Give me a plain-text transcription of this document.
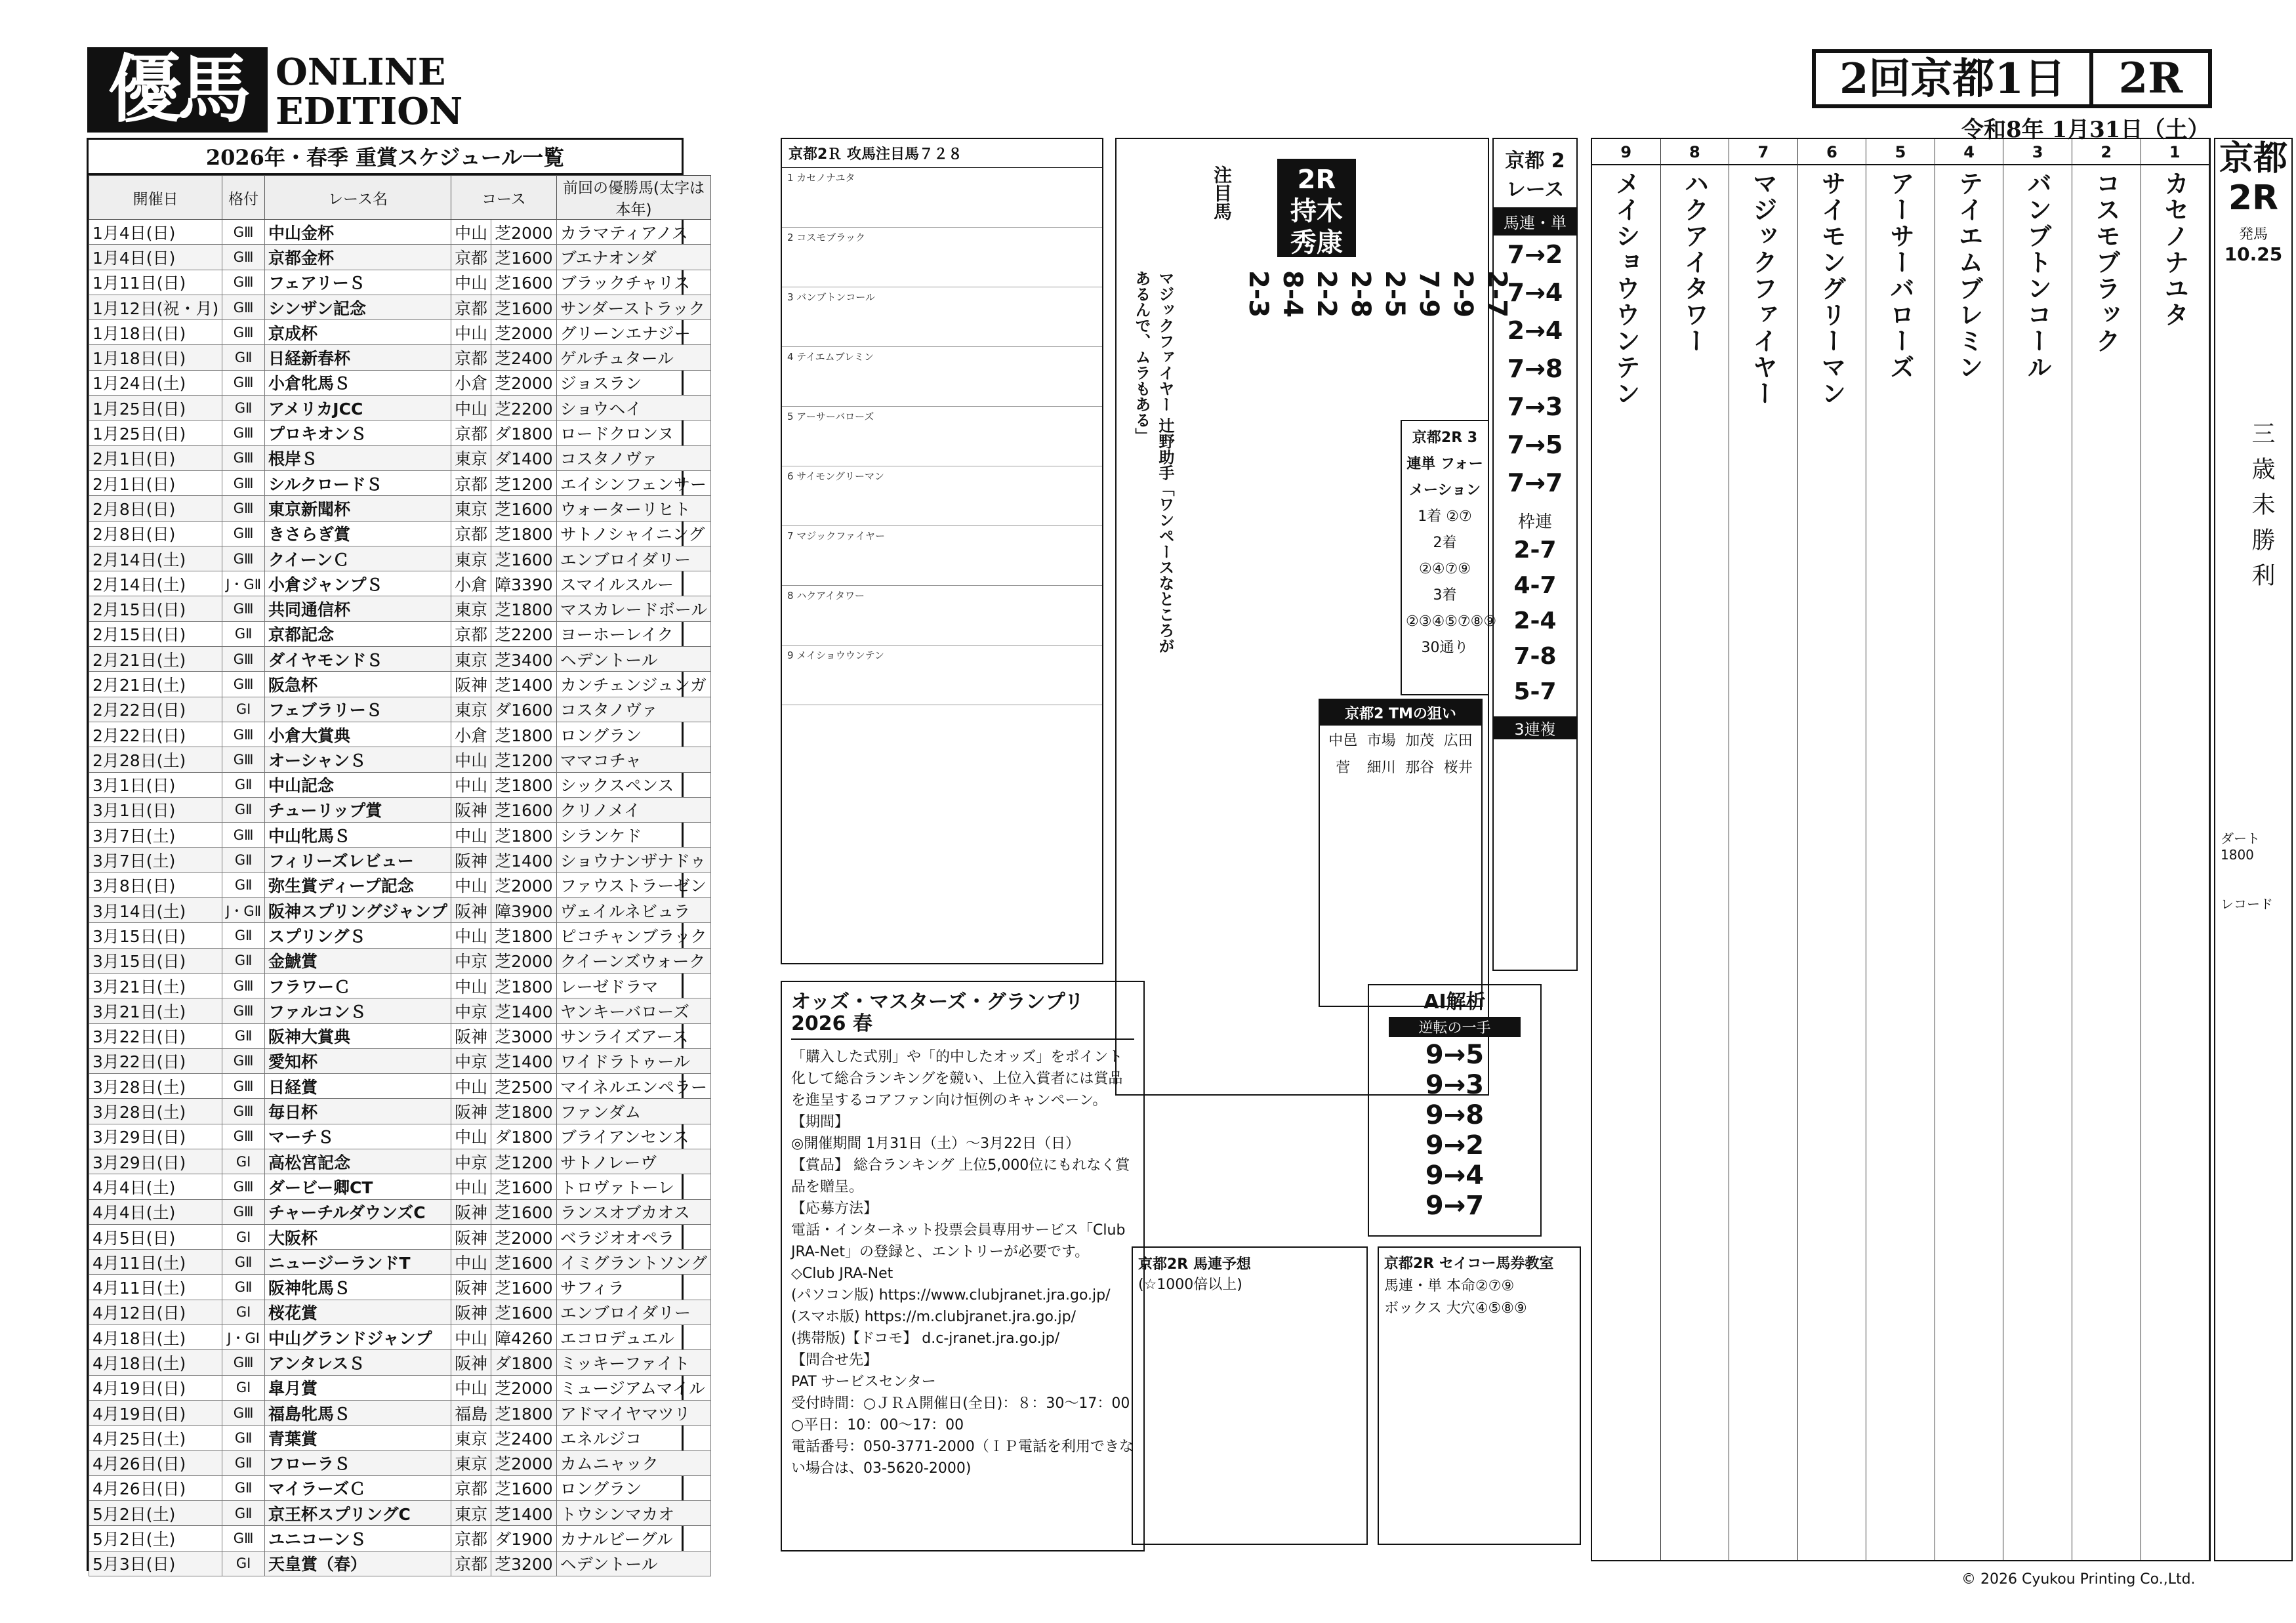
優馬 ONLINE
EDITION
2回京都1日	2R
令和8年 1月31日（土）
2026年・春季 重賞スケジュール一覧
開催日	格付	レース名	コース		前回の優勝馬(太字は本年)
1月4日(日)	GⅢ	中山金杯	中山	芝2000	カラマティアノス
1月4日(日)	GⅢ	京都金杯	京都	芝1600	ブエナオンダ
1月11日(日)	GⅢ	フェアリーＳ	中山	芝1600	ブラックチャリス
1月12日(祝・月)	GⅢ	シンザン記念	京都	芝1600	サンダーストラック
1月18日(日)	GⅢ	京成杯	中山	芝2000	グリーンエナジー
1月18日(日)	GⅡ	日経新春杯	京都	芝2400	ゲルチュタール
1月24日(土)	GⅢ	小倉牝馬Ｓ	小倉	芝2000	ジョスラン
1月25日(日)	GⅡ	アメリカJCC	中山	芝2200	ショウヘイ
1月25日(日)	GⅢ	プロキオンＳ	京都	ダ1800	ロードクロンヌ
2月1日(日)	GⅢ	根岸Ｓ	東京	ダ1400	コスタノヴァ
2月1日(日)	GⅢ	シルクロードＳ	京都	芝1200	エイシンフェンサー
2月8日(日)	GⅢ	東京新聞杯	東京	芝1600	ウォーターリヒト
2月8日(日)	GⅢ	きさらぎ賞	京都	芝1800	サトノシャイニング
2月14日(土)	GⅢ	クイーンＣ	東京	芝1600	エンブロイダリー
2月14日(土)	J・GⅡ	小倉ジャンプＳ	小倉	障3390	スマイルスルー
2月15日(日)	GⅢ	共同通信杯	東京	芝1800	マスカレードボール
2月15日(日)	GⅡ	京都記念	京都	芝2200	ヨーホーレイク
2月21日(土)	GⅢ	ダイヤモンドＳ	東京	芝3400	ヘデントール
2月21日(土)	GⅢ	阪急杯	阪神	芝1400	カンチェンジュンガ
2月22日(日)	GⅠ	フェブラリーＳ	東京	ダ1600	コスタノヴァ
2月22日(日)	GⅢ	小倉大賞典	小倉	芝1800	ロングラン
2月28日(土)	GⅢ	オーシャンＳ	中山	芝1200	ママコチャ
3月1日(日)	GⅡ	中山記念	中山	芝1800	シックスペンス
3月1日(日)	GⅡ	チューリップ賞	阪神	芝1600	クリノメイ
3月7日(土)	GⅢ	中山牝馬Ｓ	中山	芝1800	シランケド
3月7日(土)	GⅡ	フィリーズレビュー	阪神	芝1400	ショウナンザナドゥ
3月8日(日)	GⅡ	弥生賞ディープ記念	中山	芝2000	ファウストラーゼン
3月14日(土)	J・GⅡ	阪神スプリングジャンプ	阪神	障3900	ヴェイルネビュラ
3月15日(日)	GⅡ	スプリングＳ	中山	芝1800	ピコチャンブラック
3月15日(日)	GⅡ	金鯱賞	中京	芝2000	クイーンズウォーク
3月21日(土)	GⅢ	フラワーＣ	中山	芝1800	レーゼドラマ
3月21日(土)	GⅢ	ファルコンＳ	中京	芝1400	ヤンキーバローズ
3月22日(日)	GⅡ	阪神大賞典	阪神	芝3000	サンライズアース
3月22日(日)	GⅢ	愛知杯	中京	芝1400	ワイドラトゥール
3月28日(土)	GⅢ	日経賞	中山	芝2500	マイネルエンペラー
3月28日(土)	GⅢ	毎日杯	阪神	芝1800	ファンダム
3月29日(日)	GⅢ	マーチＳ	中山	ダ1800	ブライアンセンス
3月29日(日)	GⅠ	高松宮記念	中京	芝1200	サトノレーヴ
4月4日(土)	GⅢ	ダービー卿CT	中山	芝1600	トロヴァトーレ
4月4日(土)	GⅢ	チャーチルダウンズC	阪神	芝1600	ランスオブカオス
4月5日(日)	GⅠ	大阪杯	阪神	芝2000	ベラジオオペラ
4月11日(土)	GⅡ	ニュージーランドT	中山	芝1600	イミグラントソング
4月11日(土)	GⅡ	阪神牝馬Ｓ	阪神	芝1600	サフィラ
4月12日(日)	GⅠ	桜花賞	阪神	芝1600	エンブロイダリー
4月18日(土)	J・GⅠ	中山グランドジャンプ	中山	障4260	エコロデュエル
4月18日(土)	GⅢ	アンタレスＳ	阪神	ダ1800	ミッキーファイト
4月19日(日)	GⅠ	皐月賞	中山	芝2000	ミュージアムマイル
4月19日(日)	GⅢ	福島牝馬Ｓ	福島	芝1800	アドマイヤマツリ
4月25日(土)	GⅡ	青葉賞	東京	芝2400	エネルジコ
4月26日(日)	GⅡ	フローラＳ	東京	芝2000	カムニャック
4月26日(日)	GⅡ	マイラーズＣ	京都	芝1600	ロングラン
5月2日(土)	GⅡ	京王杯スプリングC	東京	芝1400	トウシンマカオ
5月2日(土)	GⅢ	ユニコーンＳ	京都	ダ1900	カナルビーグル
5月3日(日)	GⅠ	天皇賞（春）	京都	芝3200	ヘデントール
京都2Ｒ 攻馬注目馬７２８
1 カセノナユタ
2 コスモブラック
3 バンブトンコール
4 テイエムブレミン
5 アーサーバローズ
6 サイモングリーマン
7 マジックファイヤー
8 ハクアイタワー
9 メイショウウンテン
オッズ・マスターズ・グランプリ2026 春
「購入した式別」や「的中したオッズ」をポイント化して総合ランキングを競い、上位入賞者には賞品を進呈するコアファン向け恒例のキャンペーン。
【期間】
◎開催期間 1月31日（土）～3月22日（日）
【賞品】 総合ランキング 上位5,000位にもれなく賞品を贈呈。
【応募方法】
電話・インターネット投票会員専用サービス「Club JRA-Net」の登録と、エントリーが必要です。
◇Club JRA-Net
(パソコン版) https://www.clubjranet.jra.go.jp/
(スマホ版) https://m.clubjranet.jra.go.jp/
(携帯版)【ドコモ】 d.c-jranet.jra.go.jp/
【問合せ先】
PAT サービスセンター
受付時間：○ＪＲＡ開催日(全日)：８：30～17：00
○平日：10：00～17：00
電話番号：050-3771-2000（ＩＰ電話を利用できない場合は、03-5620-2000)
2R
持木
秀康
2-7
2-9
7-9
2-5
2-8
2-2
8-4
2-3
注目馬
マジックファイヤー 辻野助手「ワンペースなところがあるんで、ムラもある」
京都 2レース
馬連・単
7→2
7→4
2→4
7→8
7→3
7→5
7→7
枠連
2-7
4-7
2-4
7-8
5-7
3連複
京都2R 3連単 フォーメーション
1着 ②⑦
2着 ②④⑦⑨
3着 ②③④⑤⑦⑧⑨
30通り
京都2 TMの狙い
中邑 市場 加茂 広田
菅	細川 那谷 桜井
AI解析
逆転の一手
9→5
9→3
9→8
9→2
9→4
9→7
京都2R 馬連予想
(☆1000倍以上)
京都2R セイコー馬券教室
馬連・単 本命②⑦⑨
ボックス 大穴④⑤⑧⑨
9
メイショウウンテン
8
ハクアイタワー
7
マジックファイヤー
6
サイモングリーマン
5
アーサーバローズ
4
テイエムブレミン
3
バンブトンコール
2
コスモブラック
1
カセノナユタ
京都
2R
発馬
10.25
三歳未勝利
ダート1800
レコード
© 2026 Cyukou Printing Co.,Ltd.
